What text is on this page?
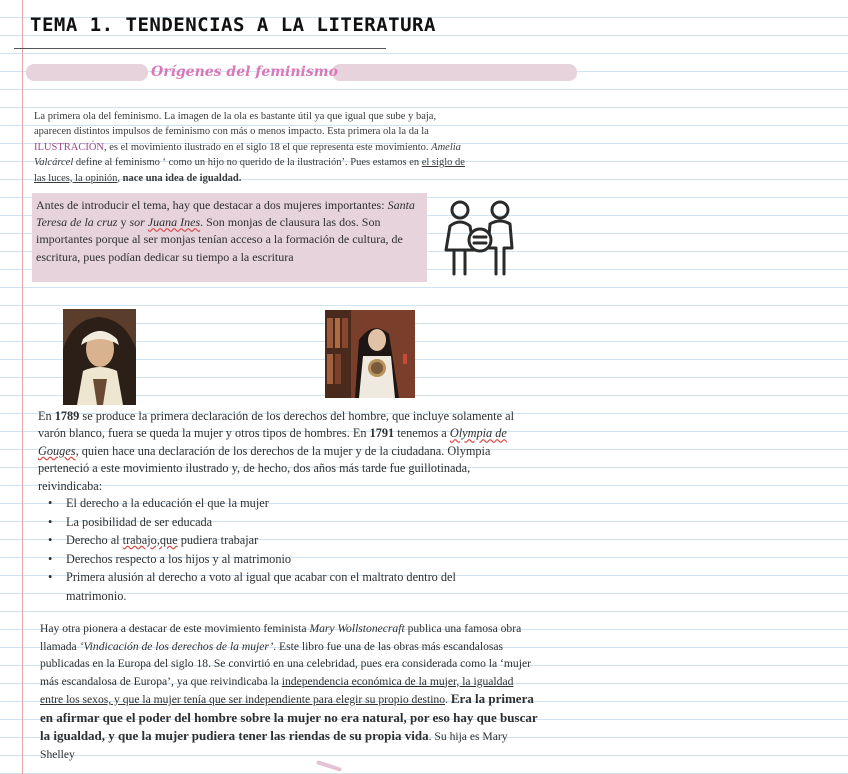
TEMA 1. TENDENCIAS A LA LITERATURA
Orígenes del feminismo

La primera ola del feminismo. La imagen de la ola es bastante útil ya que igual que sube y baja, aparecen distintos impulsos de feminismo con más o menos impacto. Esta primera ola la da la ILUSTRACIÓN, es el movimiento ilustrado en el siglo 18 el que representa este movimiento. Amelia Valcárcel define al feminismo ‘ como un hijo no querido de la ilustración’. Pues estamos en el siglo de las luces, la opinión, nace una idea de igualdad.

Antes de introducir el tema, hay que destacar a dos mujeres importantes: Santa Teresa de la cruz y sor Juana Ines. Son monjas de clausura las dos. Son importantes porque al ser monjas tenían acceso a la formación de cultura, de escritura, pues podían dedicar su tiempo a la escritura

En 1789 se produce la primera declaración de los derechos del hombre, que incluye solamente al varón blanco, fuera se queda la mujer y otros tipos de hombres. En 1791 tenemos a Olympia de Gouges, quien hace una declaración de los derechos de la mujer y de la ciudadana. Olympia perteneció a este movimiento ilustrado y, de hecho, dos años más tarde fue guillotinada, reivindicaba:

• El derecho a la educación el que la mujer
• La posibilidad de ser educada
• Derecho al trabajo,que pudiera trabajar
• Derechos respecto a los hijos y al matrimonio
• Primera alusión al derecho a voto al igual que acabar con el maltrato dentro del matrimonio.

Hay otra pionera a destacar de este movimiento feminista Mary Wollstonecraft publica una famosa obra llamada ‘Vindicación de los derechos de la mujer’. Este libro fue una de las obras más escandalosas publicadas en la Europa del siglo 18. Se convirtió en una celebridad, pues era considerada como la ‘mujer más escandalosa de Europa’, ya que reivindicaba la independencia económica de la mujer, la igualdad entre los sexos, y que la mujer tenía que ser independiente para elegir su propio destino. Era la primera en afirmar que el poder del hombre sobre la mujer no era natural, por eso hay que buscar la igualdad, y que la mujer pudiera tener las riendas de su propia vida. Su hija es Mary Shelley
